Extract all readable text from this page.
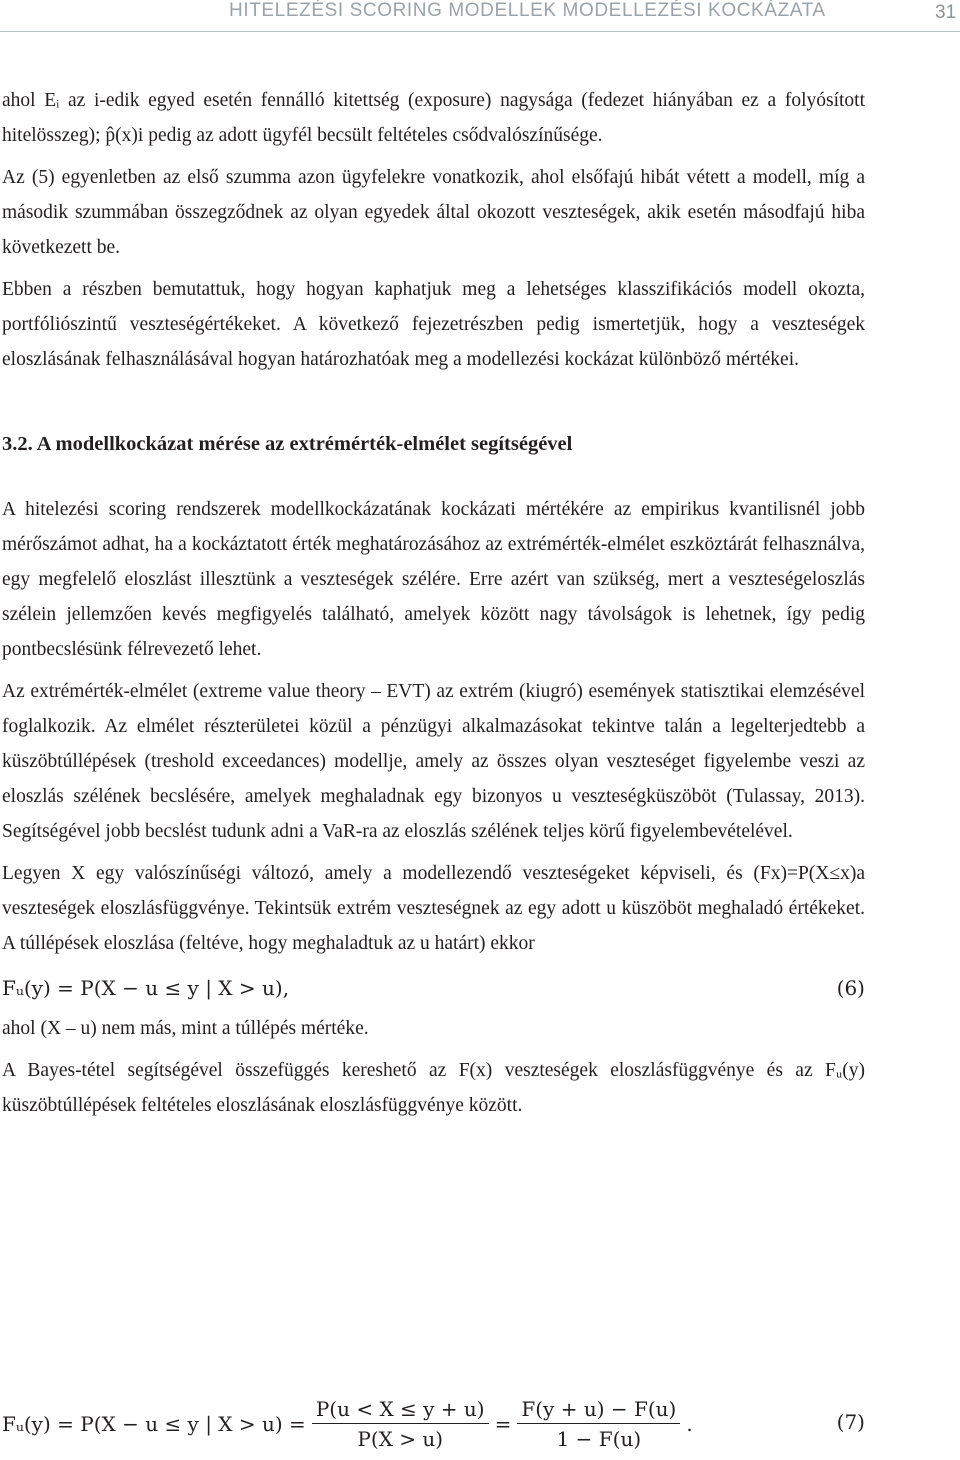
HITELEZÉSI SCORING MODELLEK MODELLEZÉSI KOCKÁZATA	31

ahol Eᵢ az i-edik egyed esetén fennálló kitettség (exposure) nagysága (fedezet hiányában ez a folyósított hitelösszeg); p̂(x)i pedig az adott ügyfél becsült feltételes csődvalószínűsége.

Az (5) egyenletben az első szumma azon ügyfelekre vonatkozik, ahol elsőfajú hibát vétett a modell, míg a második szummában összegződnek az olyan egyedek által okozott veszteségek, akik esetén másodfajú hiba következett be.

Ebben a részben bemutattuk, hogy hogyan kaphatjuk meg a lehetséges klasszifikációs modell okozta, portfóliószintű veszteségértékeket. A következő fejezetrészben pedig ismertetjük, hogy a veszteségek eloszlásának felhasználásával hogyan határozhatóak meg a modellezési kockázat különböző mértékei.

3.2. A modellkockázat mérése az extrémérték-elmélet segítségével

A hitelezési scoring rendszerek modellkockázatának kockázati mértékére az empirikus kvantilisnél jobb mérőszámot adhat, ha a kockáztatott érték meghatározásához az extrémérték-elmélet eszköztárát felhasználva, egy megfelelő eloszlást illesztünk a veszteségek szélére. Erre azért van szükség, mert a veszteségeloszlás szélein jellemzően kevés megfigyelés található, amelyek között nagy távolságok is lehetnek, így pedig pontbecslésünk félrevezető lehet.

Az extrémérték-elmélet (extreme value theory – EVT) az extrém (kiugró) események statisztikai elemzésével foglalkozik. Az elmélet részterületei közül a pénzügyi alkalmazásokat tekintve talán a legelterjedtebb a küszöbtúllépések (treshold exceedances) modellje, amely az összes olyan veszteséget figyelembe veszi az eloszlás szélének becslésére, amelyek meghaladnak egy bizonyos u veszteségküszöböt (Tulassay, 2013). Segítségével jobb becslést tudunk adni a VaR-ra az eloszlás szélének teljes körű figyelembevételével.

Legyen X egy valószínűségi változó, amely a modellezendő veszteségeket képviseli, és (Fx)=P(X≤x)a veszteségek eloszlásfüggvénye. Tekintsük extrém veszteségnek az egy adott u küszöböt meghaladó értékeket. A túllépések eloszlása (feltéve, hogy meghaladtuk az u határt) ekkor

Fᵤ(y) = P(X − u ≤ y | X > u),	(6)

ahol (X – u) nem más, mint a túllépés mértéke.

A Bayes-tétel segítségével összefüggés kereshető az F(x) veszteségek eloszlásfüggvénye és az Fᵤ(y) küszöbtúllépések feltételes eloszlásának eloszlásfüggvénye között.

Fᵤ(y) = P(X − u ≤ y | $X > u) = \frac{P(u < X \le y + u)}{P(X > u)} = \frac{F(y + u) - F(u)}{1 - F(u)}$ .	(7)
